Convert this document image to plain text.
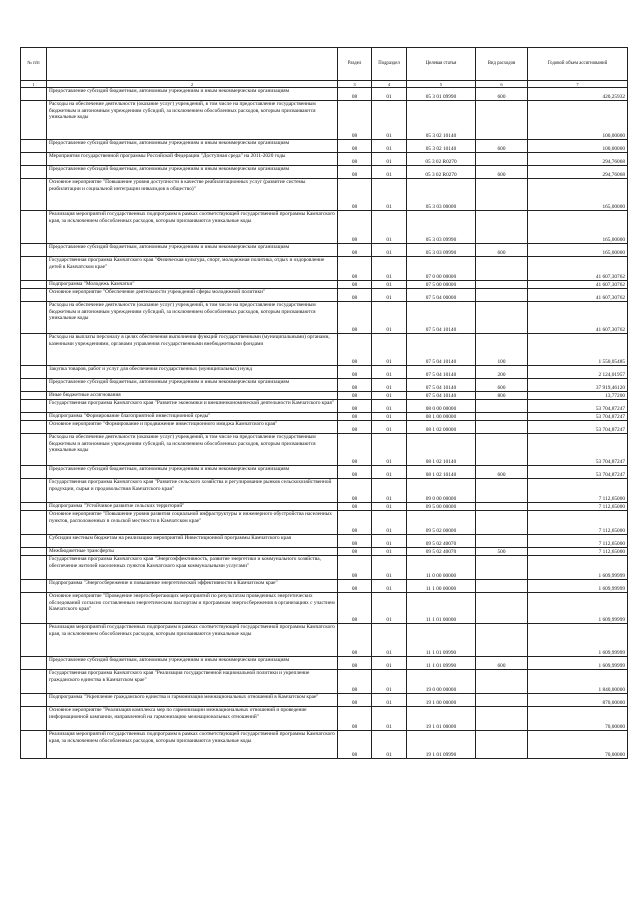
№ п/п		Раздел	Подраздел	Целевая статья	Вид расходов	Годовой объем ассигнований
1	2	3	4	5	6	7
	Предоставление субсидий бюджетным, автономным учреждениям и иным некоммерческим организациям	08	01	05 3 01 09990	600	420,25932
	Расходы на обеспечение деятельности (оказание услуг) учреждений, в том числе на предоставление государственным бюджетным и автономным учреждениям субсидий, за исключением обособленных расходов, которым присваиваются уникальные коды	08	01	05 3 02 10140		100,00000
	Предоставление субсидий бюджетным, автономным учреждениям и иным некоммерческим организациям	08	01	05 3 02 10140	600	100,00000
	Мероприятия государственной программы Российской Федерации "Доступная среда" на 2011-2020 годы	08	01	05 3 02 R0270		294,76068
	Предоставление субсидий бюджетным, автономным учреждениям и иным некоммерческим организациям	08	01	05 3 02 R0270	600	294,76068
	Основное мероприятие "Повышение уровня доступности в качестве реабилитационных услуг (развитие системы реабилитации и социальной интеграции инвалидов в общество)"	08	01	05 3 03 00000		165,00000
	Реализация мероприятий государственных подпрограмм в рамках соответствующей государственной программы Камчатского края, за исключением обособленных расходов, которым присваиваются уникальные коды	08	01	05 3 03 09990		165,00000
	Предоставление субсидий бюджетным, автономным учреждениям и иным некоммерческим организациям	08	01	05 3 03 09990	600	165,00000
	Государственная программа Камчатского края "Физическая культура, спорт, молодежная политика, отдых и оздоровление детей в Камчатском крае"	08	01	07 0 00 00000		41 607,30762
	Подпрограмма "Молодежь Камчатки"	08	01	07 5 00 00000		41 607,30762
	Основное мероприятие "Обеспечение деятельности учреждений сферы молодежной политики"	08	01	07 5 04 00000		41 607,30762
	Расходы на обеспечение деятельности (оказание услуг) учреждений, в том числе на предоставление государственным бюджетным и автономным учреждениям субсидий, за исключением обособленных расходов, которым присваиваются уникальные коды	08	01	07 5 04 10140		41 607,30762
	Расходы на выплаты персоналу в целях обеспечения выполнения функций государственными (муниципальными) органами, казенными учреждениями, органами управления государственными внебюджетными фондами	08	01	07 5 04 10140	100	1 550,05485
	Закупка товаров, работ и услуг для обеспечения государственных (муниципальных) нужд	08	01	07 5 04 10140	200	2 124,01957
	Предоставление субсидий бюджетным, автономным учреждениям и иным некоммерческим организациям	08	01	07 5 04 10140	600	37 919,46120
	Иные бюджетные ассигнования	08	01	07 5 04 10140	800	13,77200
	Государственная программа Камчатского края "Развитие экономики и внешнеэкономической деятельности Камчатского края"	08	01	08 0 00 00000		53 704,87247
	Подпрограмма "Формирование благоприятной инвестиционной среды"	08	01	08 1 00 00000		53 704,87247
	Основное мероприятие "Формирование и продвижение инвестиционного имиджа Камчатского края"	08	01	08 1 02 00000		53 704,87247
	Расходы на обеспечение деятельности (оказание услуг) учреждений, в том числе на предоставление государственным бюджетным и автономным учреждениям субсидий, за исключением обособленных расходов, которым присваиваются уникальные коды	08	01	08 1 02 10140		53 704,87247
	Предоставление субсидий бюджетным, автономным учреждениям и иным некоммерческим организациям	08	01	08 1 02 10140	600	53 704,87247
	Государственная программа Камчатского края "Развитие сельского хозяйства и регулирование рынков сельскохозяйственной продукции, сырья и продовольствия Камчатского края"	08	01	09 0 00 00000		7 112,65000
	Подпрограмма "Устойчивое развитие сельских территорий"	08	01	09 5 00 00000		7 112,65000
	Основное мероприятие "Повышение уровня развития социальной инфраструктуры и инженерного обустройства населенных пунктов, расположенных в сельской местности в Камчатском крае"	08	01	09 5 02 00000		7 112,65000
	Субсидии местным бюджетам на реализацию мероприятий Инвестиционной программы Камчатского края	08	01	09 5 02 40070		7 112,65000
	Межбюджетные трансферты	08	01	09 5 02 40070	500	7 112,65000
	Государственная программа Камчатского края "Энергоэффективность, развитие энергетики и коммунального хозяйства, обеспечение жителей населенных пунктов Камчатского края коммунальными услугами"	08	01	11 0 00 00000		1 609,99999
	Подпрограмма "Энергосбережение и повышение энергетической эффективности в Камчатском крае"	08	01	11 1 00 00000		1 609,99999
	Основное мероприятие "Проведение энергосберегающих мероприятий по результатам проведенных энергетических обследований согласно составленным энергетическим паспортам и программам энергосбережения в организациях с участием Камчатского края"	08	01	11 1 01 00000		1 609,99999
	Реализация мероприятий государственных подпрограмм в рамках соответствующей государственной программы Камчатского края, за исключением обособленных расходов, которым присваиваются уникальные коды	08	01	11 1 01 09990		1 609,99999
	Предоставление субсидий бюджетным, автономным учреждениям и иным некоммерческим организациям	08	01	11 1 01 09990	600	1 609,99999
	Государственная программа Камчатского края "Реализация государственной национальной политики и укрепление гражданского единства в Камчатском крае"	08	01	19 0 00 00000		1 840,00000
	Подпрограмма "Укрепление гражданского единства и гармонизация межнациональных отношений в Камчатском крае"	08	01	19 1 00 00000		870,00000
	Основное мероприятие "Реализация комплекса мер по гармонизации межнациональных отношений и проведение информационной кампании, направленной на гармонизацию межнациональных отношений"	08	01	19 1 01 00000		70,00000
	Реализация мероприятий государственных подпрограмм в рамках соответствующей государственной программы Камчатского края, за исключением обособленных расходов, которым присваиваются уникальные коды	08	01	19 1 01 09990		70,00000
